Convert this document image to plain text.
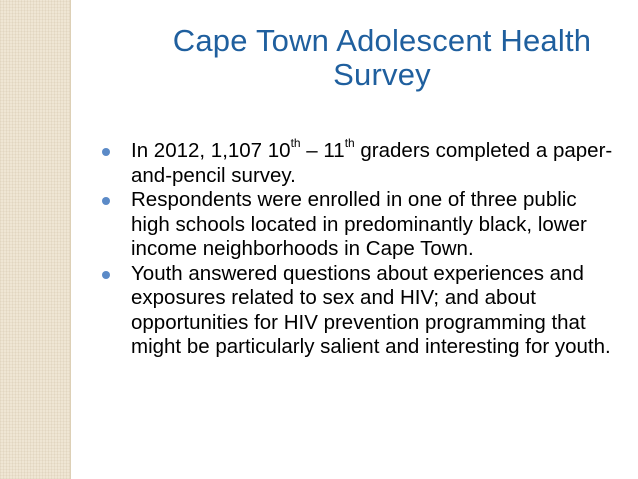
Cape Town Adolescent Health
Survey
In 2012, 1,107 10th – 11th graders completed a paper-and-pencil survey.
Respondents were enrolled in one of three public high schools located in predominantly black, lower income neighborhoods in Cape Town.
Youth answered questions about experiences and exposures related to sex and HIV; and about opportunities for HIV prevention programming that might be particularly salient and interesting for youth.
